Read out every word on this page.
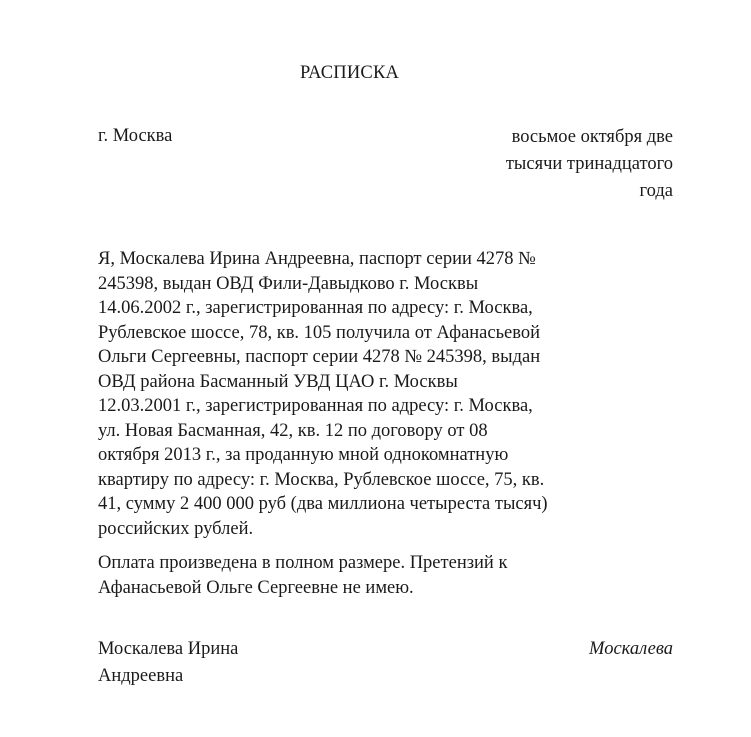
РАСПИСКА
г. Москва	восьмое октября две
тысячи тринадцатого
года

Я, Москалева Ирина Андреевна, паспорт серии 4278 №

245398, выдан ОВД Фили-Давыдково г. Москвы

14.06.2002 г., зарегистрированная по адресу: г. Москва,

Рублевское шоссе, 78, кв. 105 получила от Афанасьевой

Ольги Сергеевны, паспорт серии 4278 № 245398, выдан

ОВД района Басманный УВД ЦАО г. Москвы

12.03.2001 г., зарегистрированная по адресу: г. Москва,

ул. Новая Басманная, 42, кв. 12 по договору от 08

октября 2013 г., за проданную мной однокомнатную

квартиру по адресу: г. Москва, Рублевское шоссе, 75, кв.

41, сумму 2 400 000 руб (два миллиона четыреста тысяч)

российских рублей.

Оплата произведена в полном размере. Претензий к
Афанасьевой Ольге Сергеевне не имею.
Москалева Ирина
Андреевна
Москалева
